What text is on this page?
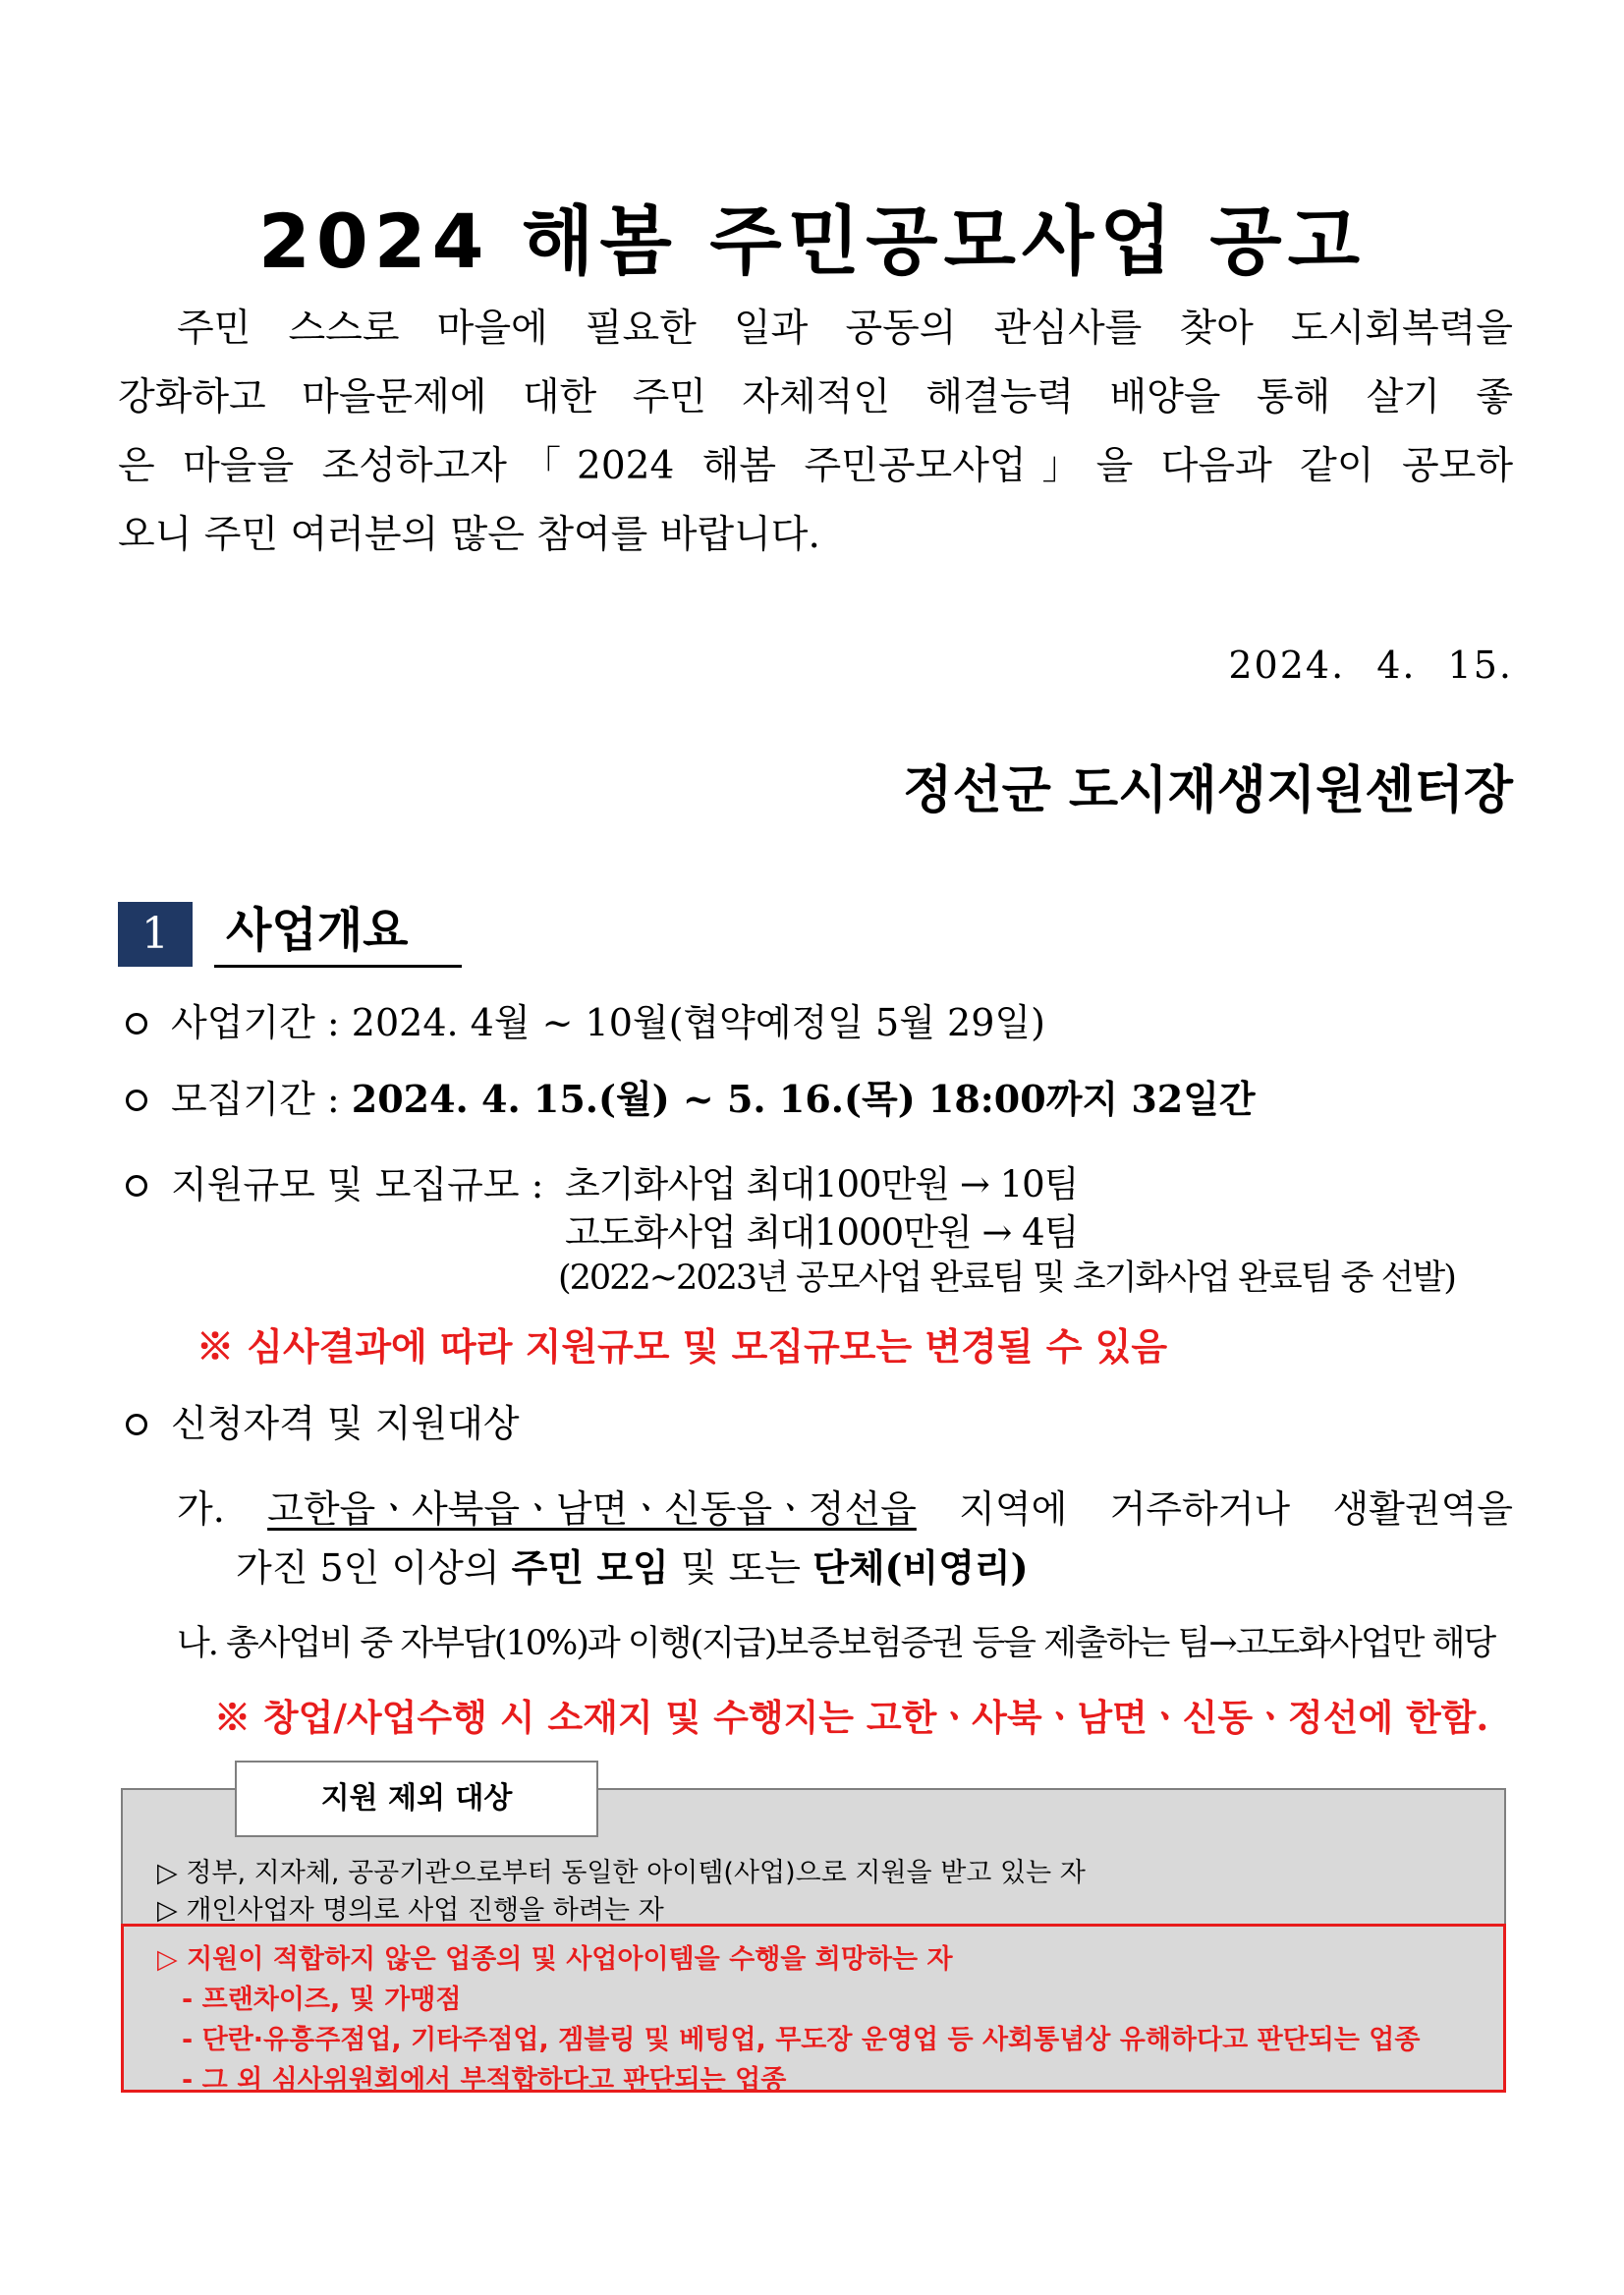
2024 해봄 주민공모사업 공고

주민 스스로 마을에 필요한 일과 공동의 관심사를 찾아 도시회복력을
강화하고 마을문제에 대한 주민 자체적인 해결능력 배양을 통해 살기 좋
은 마을을 조성하고자「2024 해봄 주민공모사업」을 다음과 같이 공모하
오니 주민 여러분의 많은 참여를 바랍니다.

2024. 4. 15.
정선군 도시재생지원센터장
1	사업개요
사업기간 : 2024. 4월 ~ 10월(협약예정일 5월 29일)
모집기간 : 2024. 4. 15.(월) ~ 5. 16.(목) 18:00까지 32일간
지원규모 및 모집규모 : 초기화사업 최대100만원 → 10팀
고도화사업 최대1000만원 → 4팀
(2022~2023년 공모사업 완료팀 및 초기화사업 완료팀 중 선발)
※ 심사결과에 따라 지원규모 및 모집규모는 변경될 수 있음
신청자격 및 지원대상
가. 고한읍ㆍ사북읍ㆍ남면ㆍ신동읍ㆍ정선읍 지역에 거주하거나 생활권역을
가진 5인 이상의 주민 모임 및 또는 단체(비영리)
나. 총사업비 중 자부담(10%)과 이행(지급)보증보험증권 등을 제출하는 팀→고도화사업만 해당
※ 창업/사업수행 시 소재지 및 수행지는 고한ㆍ사북ㆍ남면ㆍ신동ㆍ정선에 한함.
지원 제외 대상
▷ 정부, 지자체, 공공기관으로부터 동일한 아이템(사업)으로 지원을 받고 있는 자
▷ 개인사업자 명의로 사업 진행을 하려는 자
▷ 지원이 적합하지 않은 업종의 및 사업아이템을 수행을 희망하는 자
- 프랜차이즈, 및 가맹점
- 단란·유흥주점업, 기타주점업, 겜블링 및 베팅업, 무도장 운영업 등 사회통념상 유해하다고 판단되는 업종
- 그 외 심사위원회에서 부적합하다고 판단되는 업종
